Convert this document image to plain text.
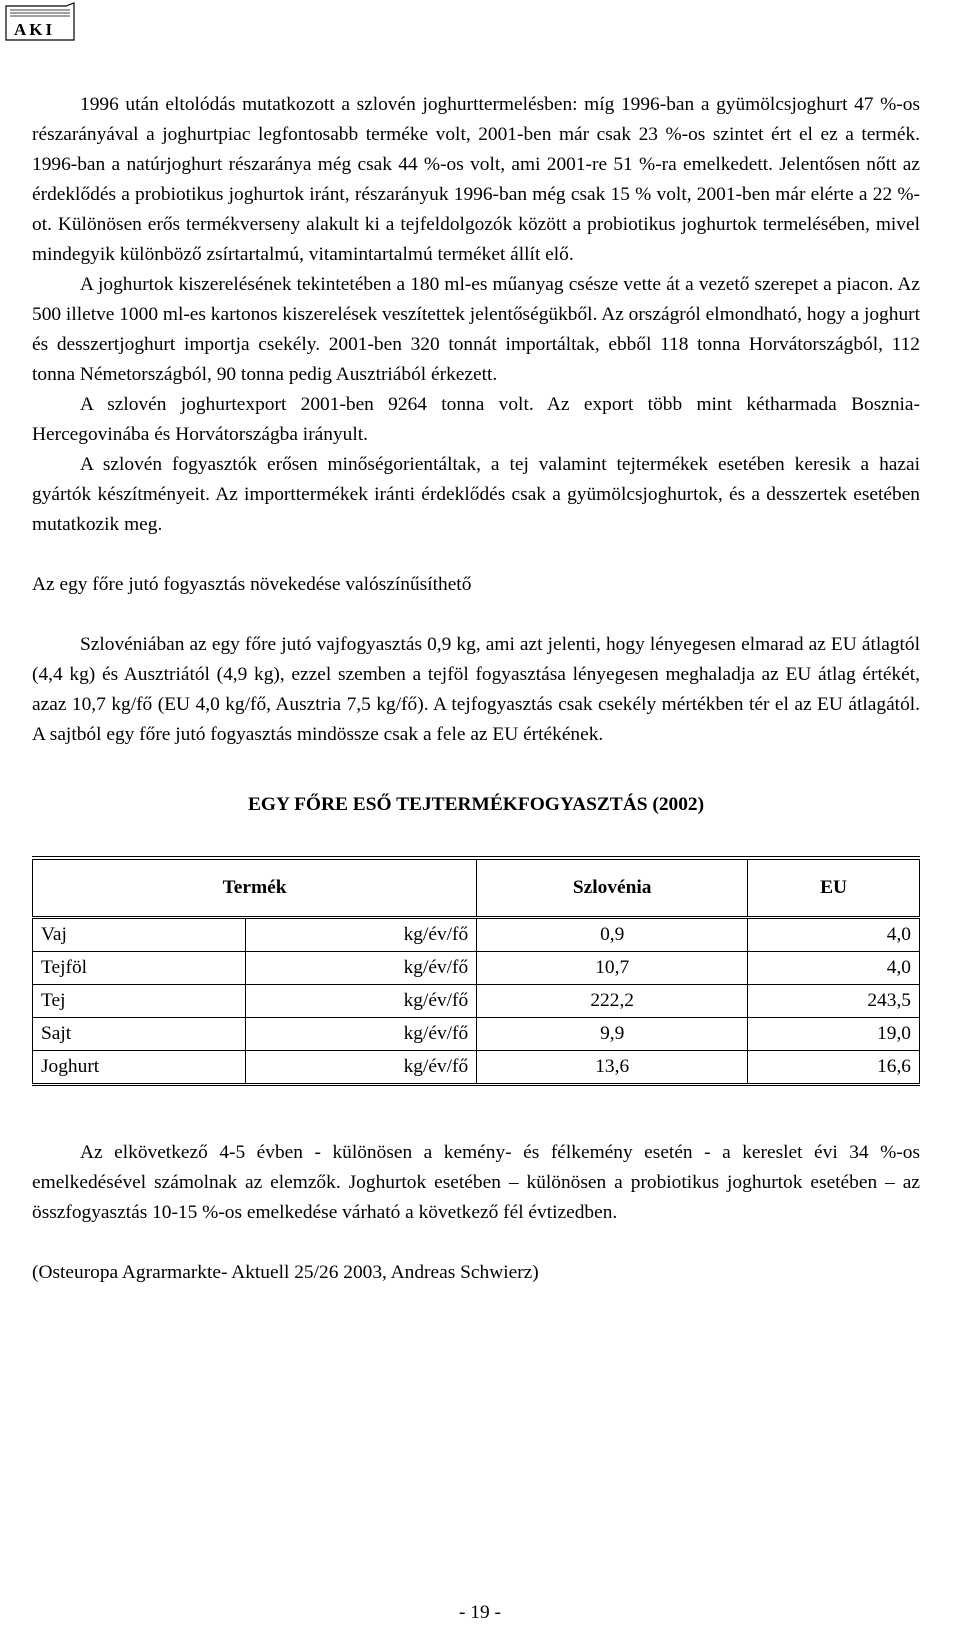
AKI

1996 után eltolódás mutatkozott a szlovén joghurttermelésben: míg 1996-ban a gyümölcsjoghurt 47 %-os részarányával a joghurtpiac legfontosabb terméke volt, 2001-ben már csak 23 %-os szintet ért el ez a termék. 1996-ban a natúrjoghurt részaránya még csak 44 %-os volt, ami 2001-re 51 %-ra emelkedett. Jelentősen nőtt az érdeklődés a probiotikus joghurtok iránt, részarányuk 1996-ban még csak 15 % volt, 2001-ben már elérte a 22 %-ot. Különösen erős termékverseny alakult ki a tejfeldolgozók között a probiotikus joghurtok termelésében, mivel mindegyik különböző zsírtartalmú, vitamintartalmú terméket állít elő.

A joghurtok kiszerelésének tekintetében a 180 ml-es műanyag csésze vette át a vezető szerepet a piacon. Az 500 illetve 1000 ml-es kartonos kiszerelések veszítettek jelentőségükből. Az országról elmondható, hogy a joghurt és desszertjoghurt importja csekély. 2001-ben 320 tonnát importáltak, ebből 118 tonna Horvátországból, 112 tonna Németországból, 90 tonna pedig Ausztriából érkezett.

A szlovén joghurtexport 2001-ben 9264 tonna volt. Az export több mint kétharmada Bosznia-Hercegovinába és Horvátországba irányult.

A szlovén fogyasztók erősen minőségorientáltak, a tej valamint tejtermékek esetében keresik a hazai gyártók készítményeit. Az importtermékek iránti érdeklődés csak a gyümölcsjoghurtok, és a desszertek esetében mutatkozik meg.

Az egy főre jutó fogyasztás növekedése valószínűsíthető

Szlovéniában az egy főre jutó vajfogyasztás 0,9 kg, ami azt jelenti, hogy lényegesen elmarad az EU átlagtól (4,4 kg) és Ausztriától (4,9 kg), ezzel szemben a tejföl fogyasztása lényegesen meghaladja az EU átlag értékét, azaz 10,7 kg/fő (EU 4,0 kg/fő, Ausztria 7,5 kg/fő). A tejfogyasztás csak csekély mértékben tér el az EU átlagától. A sajtból egy főre jutó fogyasztás mindössze csak a fele az EU értékének.

EGY FŐRE ESŐ TEJTERMÉKFOGYASZTÁS (2002)
Termék		Szlovénia	EU
Vaj	kg/év/fő	0,9	4,0
Tejföl	kg/év/fő	10,7	4,0
Tej	kg/év/fő	222,2	243,5
Sajt	kg/év/fő	9,9	19,0
Joghurt	kg/év/fő	13,6	16,6

Az elkövetkező 4-5 évben - különösen a kemény- és félkemény esetén - a kereslet évi 34 %-os emelkedésével számolnak az elemzők. Joghurtok esetében – különösen a probiotikus joghurtok esetében – az összfogyasztás 10-15 %-os emelkedése várható a következő fél évtizedben.

(Osteuropa Agrarmarkte- Aktuell 25/26 2003, Andreas Schwierz)

- 19 -
